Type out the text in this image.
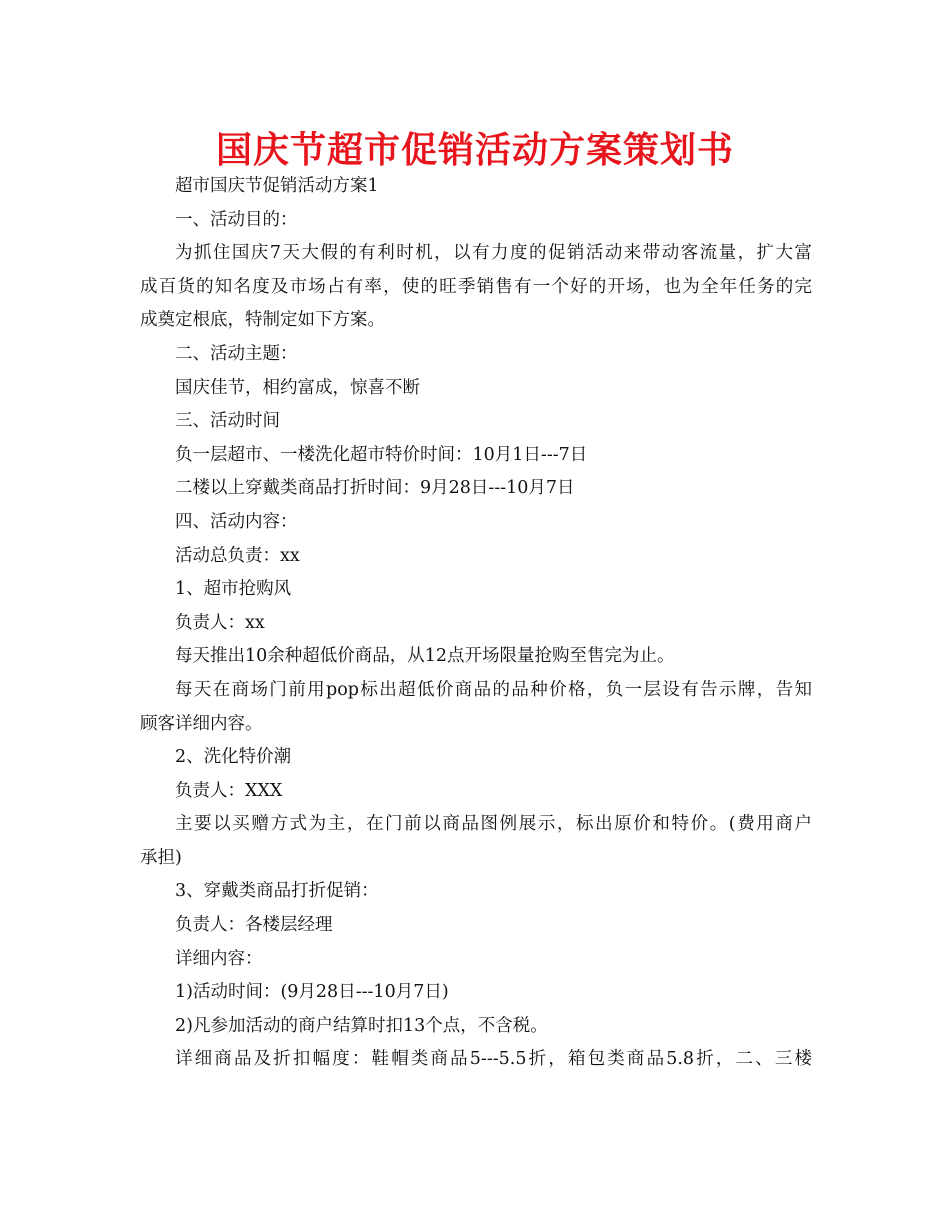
国庆节超市促销活动方案策划书
超市国庆节促销活动方案1
一、活动目的：
为抓住国庆7天大假的有利时机，以有力度的促销活动来带动客流量，扩大富
成百货的知名度及市场占有率，使的旺季销售有一个好的开场，也为全年任务的完
成奠定根底，特制定如下方案。
二、活动主题：
国庆佳节，相约富成，惊喜不断
三、活动时间
负一层超市、一楼洗化超市特价时间：10月1日---7日
二楼以上穿戴类商品打折时间：9月28日---10月7日
四、活动内容：
活动总负责：xx
1、超市抢购风
负责人：xx
每天推出10余种超低价商品，从12点开场限量抢购至售完为止。
每天在商场门前用pop标出超低价商品的品种价格，负一层设有告示牌，告知
顾客详细内容。
2、洗化特价潮
负责人：XXX
主要以买赠方式为主，在门前以商品图例展示，标出原价和特价。(费用商户
承担)
3、穿戴类商品打折促销：
负责人：各楼层经理
详细内容：
1)活动时间：(9月28日---10月7日)
2)凡参加活动的商户结算时扣13个点，不含税。
详细商品及折扣幅度：鞋帽类商品5---5.5折，箱包类商品5.8折，二、三楼
